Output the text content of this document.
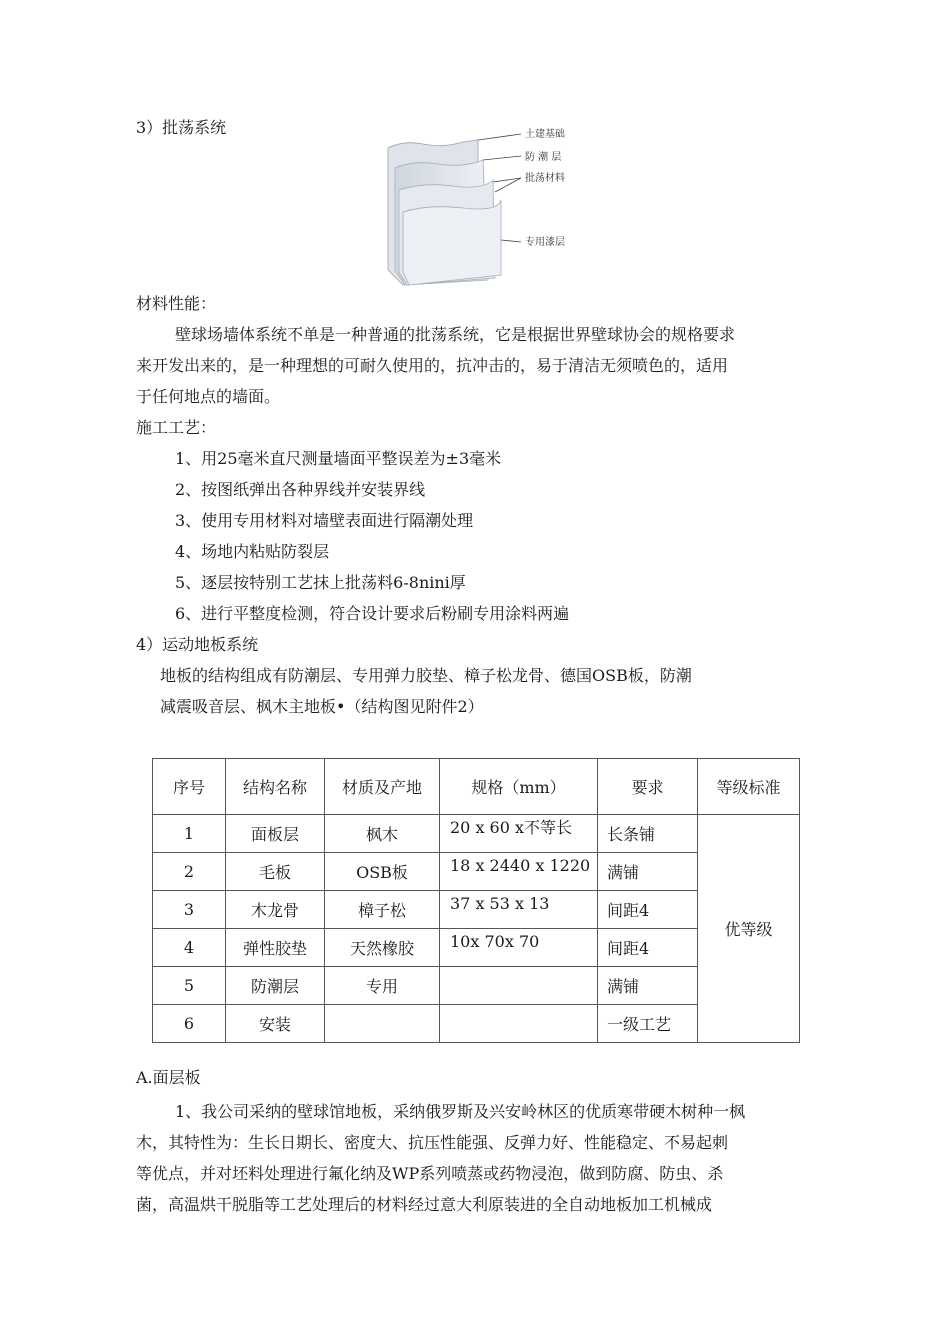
3）批荡系统	土建基础
防 潮 层
批荡材料
专用漆层
材料性能：
壁球场墙体系统不单是一种普通的批荡系统，它是根据世界壁球协会的规格要求
来开发出来的，是一种理想的可耐久使用的，抗冲击的，易于清洁无须喷色的，适用
于任何地点的墙面。
施工工艺：
1、用25毫米直尺测量墙面平整误差为±3毫米
2、按图纸弹出各种界线并安装界线
3、使用专用材料对墙壁表面进行隔潮处理
4、场地内粘贴防裂层
5、逐层按特别工艺抹上批荡料6-8nini厚
6、进行平整度检测，符合设计要求后粉刷专用涂料两遍
4）运动地板系统
地板的结构组成有防潮层、专用弹力胶垫、樟子松龙骨、德国OSB板，防潮
减震吸音层、枫木主地板•（结构图见附件2）
序号	结构名称	材质及产地	规格（mm）	要求	等级标准
1	面板层	枫木	20 x 60 x不等长	长条铺	优等级
2	毛板	OSB板	18 x 2440 x 1220	满铺	
3	木龙骨	樟子松	37 x 53 x 13	间距4	
4	弹性胶垫	天然橡胶	10x 70x 70	间距4	
5	防潮层	专用		满铺	
6	安装			一级工艺	
A.面层板
1、我公司采纳的壁球馆地板，采纳俄罗斯及兴安岭林区的优质寒带硬木树种一枫
木，其特性为：生长日期长、密度大、抗压性能强、反弹力好、性能稳定、不易起刺
等优点，并对坯料处理进行氟化纳及WP系列喷蒸或药物浸泡，做到防腐、防虫、杀
菌，高温烘干脱脂等工艺处理后的材料经过意大利原装进的全自动地板加工机械成
